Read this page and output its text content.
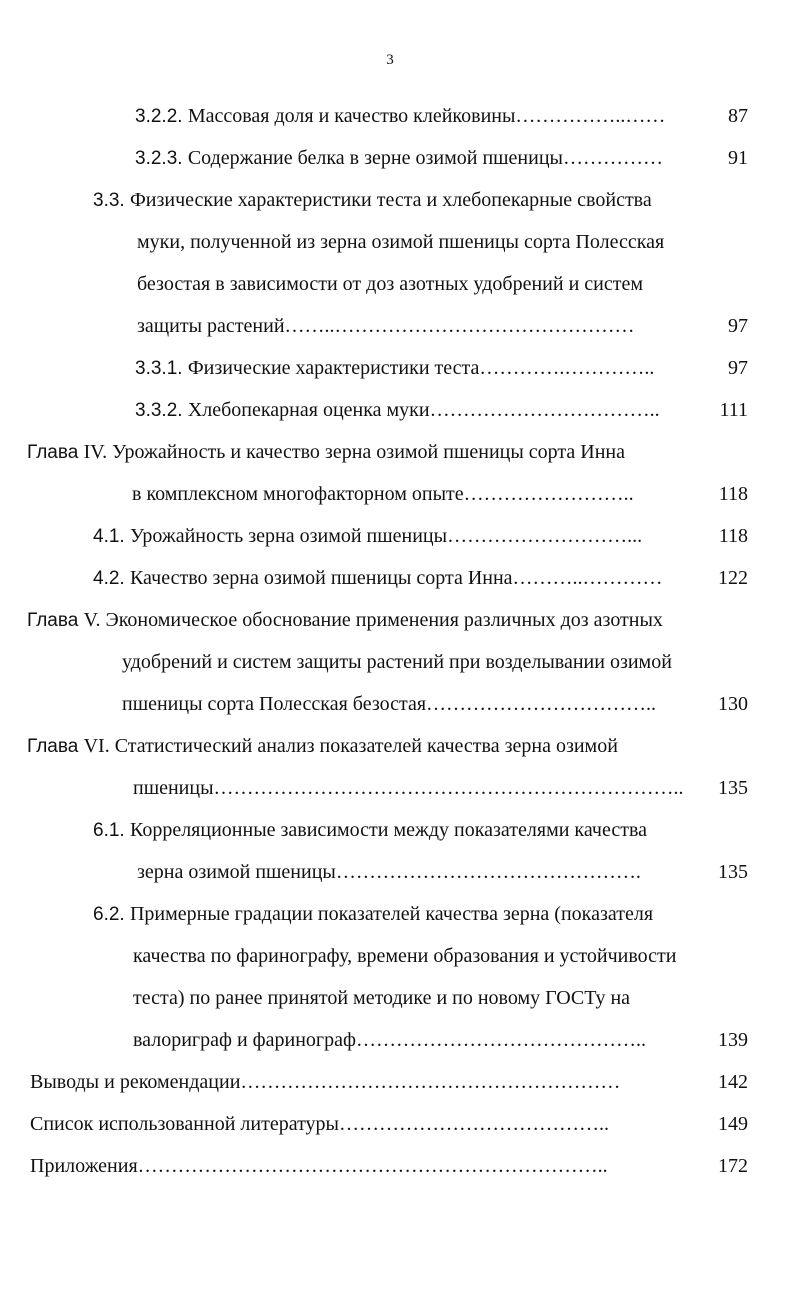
3
3.2.2. Массовая доля и качество клейковины……………..……	87
3.2.3. Содержание белка в зерне озимой пшеницы……………	91
3.3. Физические характеристики теста и хлебопекарные свойства
муки, полученной из зерна озимой пшеницы сорта Полесская
безостая в зависимости от доз азотных удобрений и систем
защиты растений……..………………………………………	97
3.3.1. Физические характеристики теста………….…………..	97
3.3.2. Хлебопекарная оценка муки……………………………..	111
Глава IV. Урожайность и качество зерна озимой пшеницы сорта Инна
в комплексном многофакторном опыте……………………..	118
4.1. Урожайность зерна озимой пшеницы………………………...	118
4.2. Качество зерна озимой пшеницы сорта Инна………..…………	122
Глава V. Экономическое обоснование применения различных доз азотных
удобрений и систем защиты растений при возделывании озимой
пшеницы сорта Полесская безостая……………………………..	130
Глава VI. Статистический анализ показателей качества зерна озимой
пшеницы……………………………………………………………..	135
6.1. Корреляционные зависимости между показателями качества
зерна озимой пшеницы……………………………………….	135
6.2. Примерные градации показателей качества зерна (показателя
качества по фаринографу, времени образования и устойчивости
теста) по ранее принятой методике и по новому ГОСТу на
валориграф и фаринограф……………………………………..	139
Выводы и рекомендации…………………………………………………	142
Список использованной литературы…………………………………..	149
Приложения……………………………………………………………..	172
